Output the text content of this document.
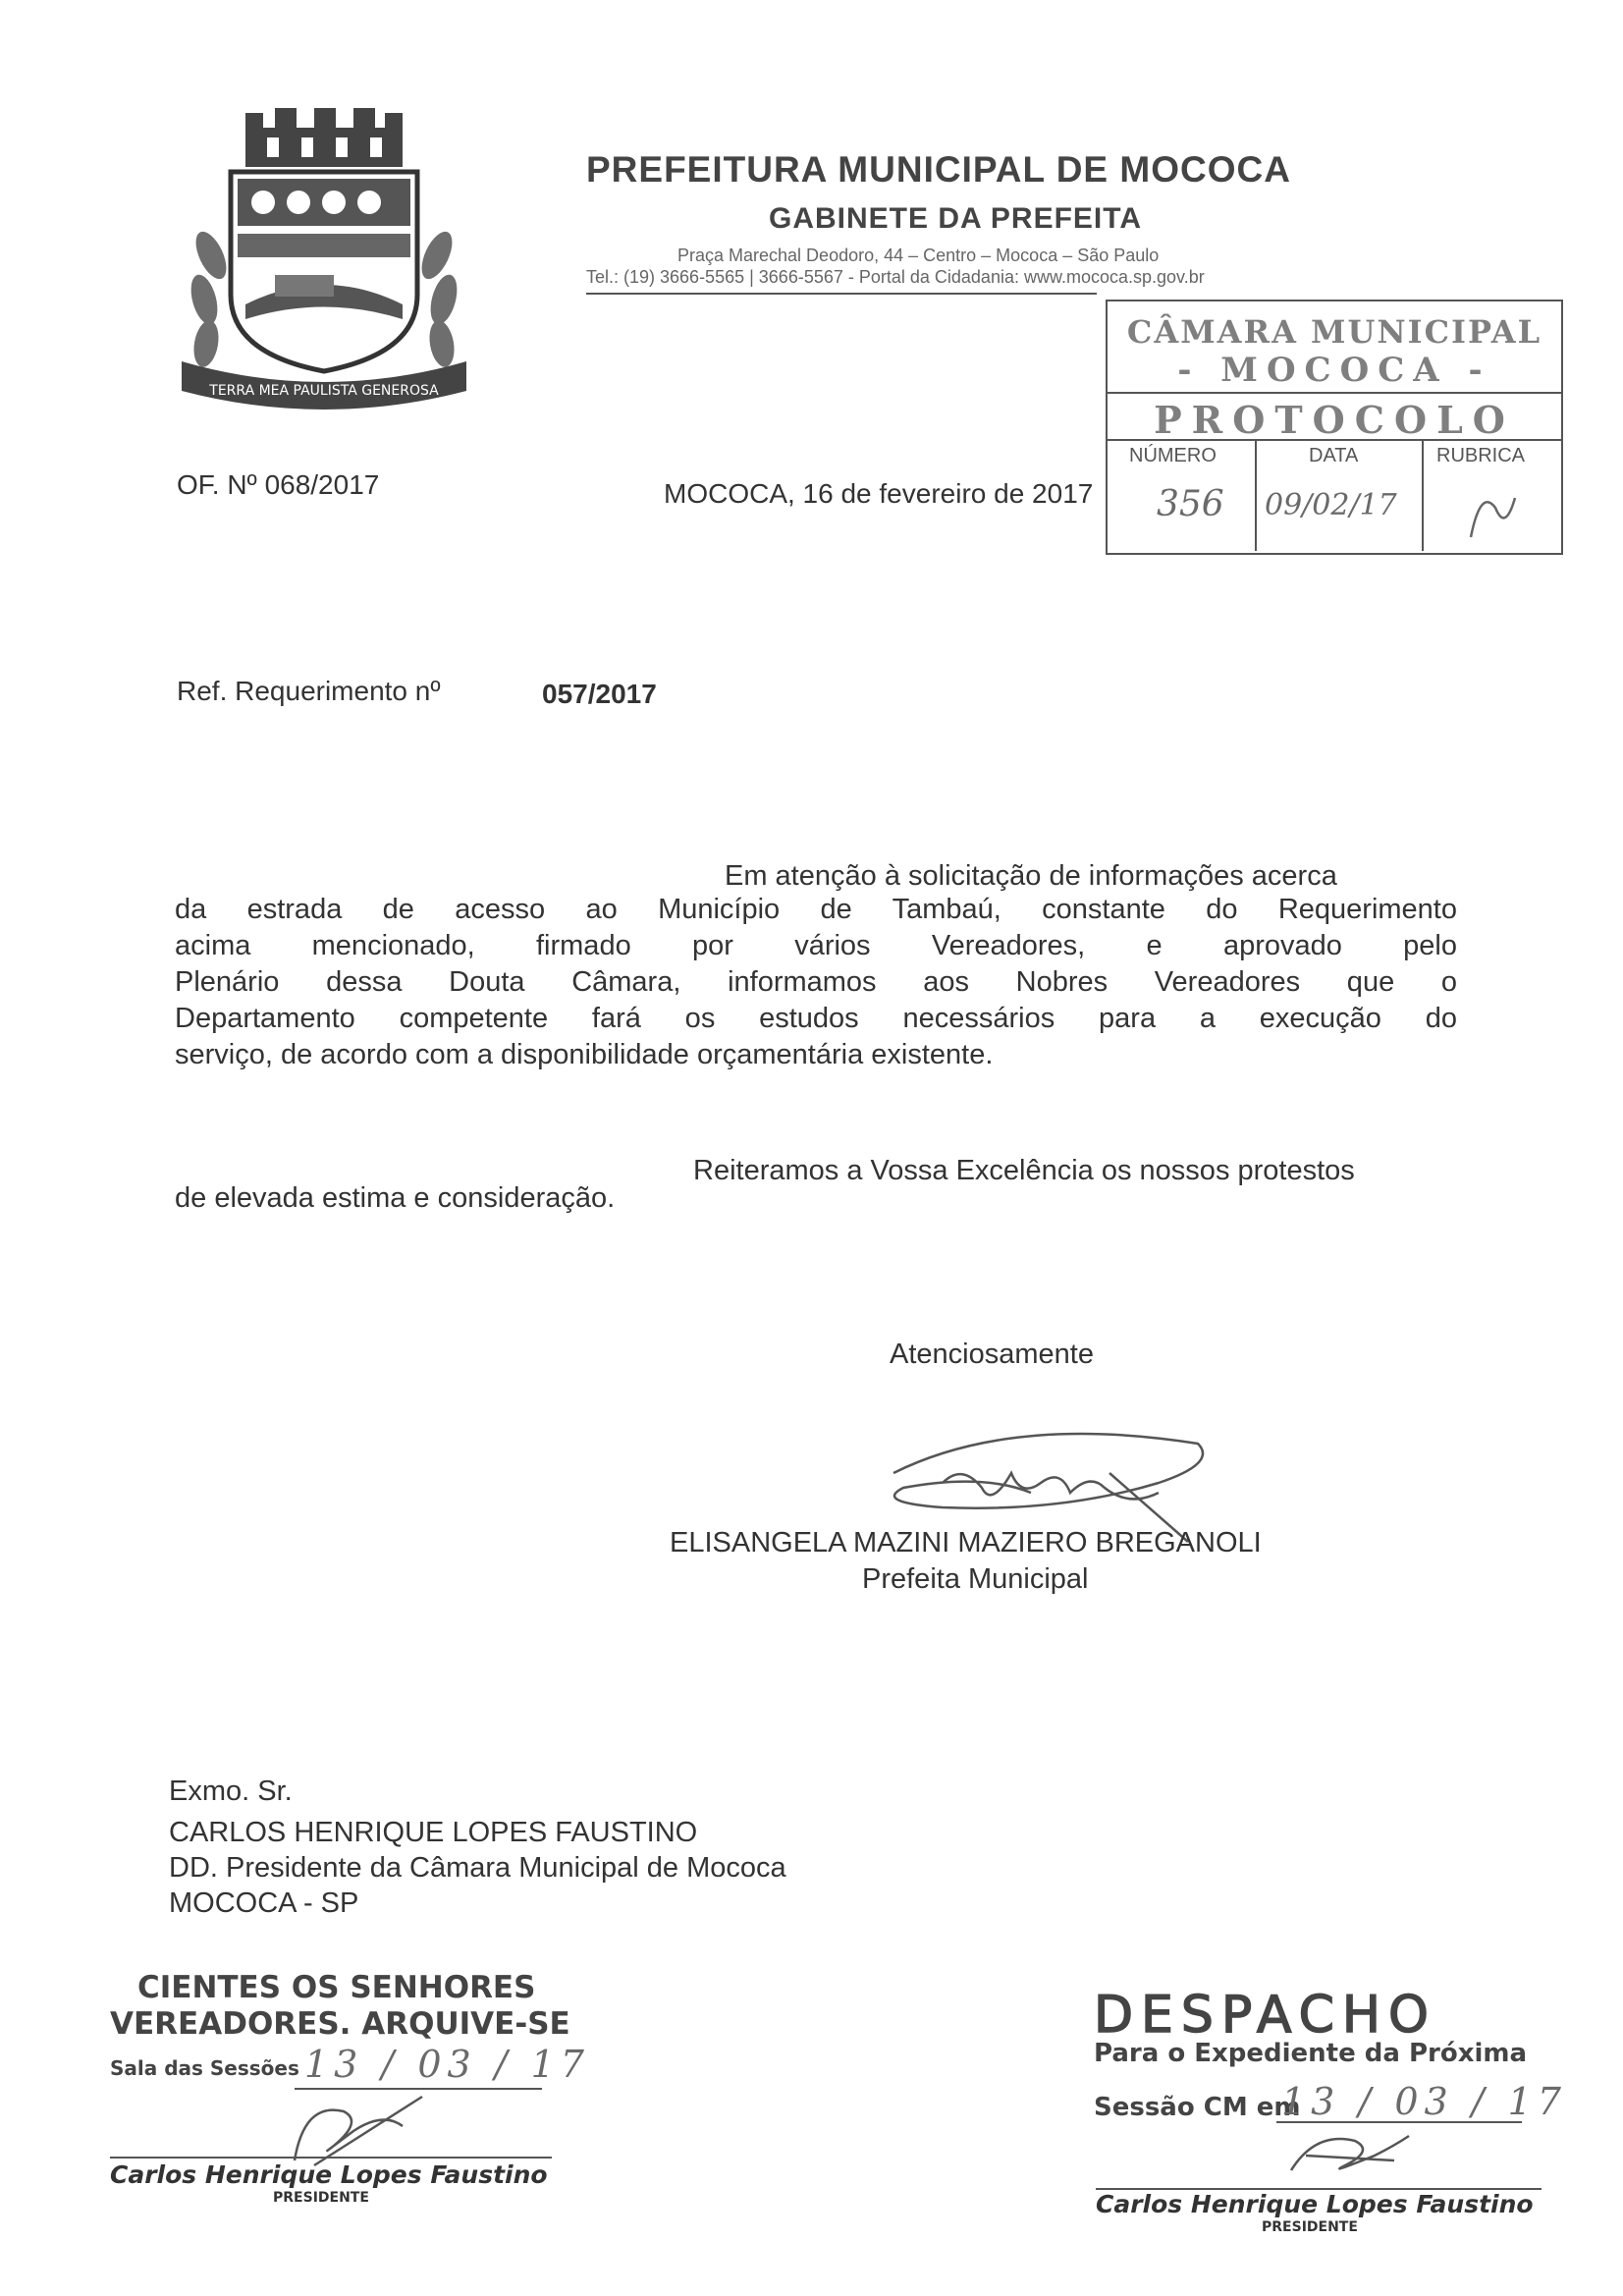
TERRA MEA PAULISTA GENEROSA
PREFEITURA MUNICIPAL DE MOCOCA
GABINETE DA PREFEITA
Praça Marechal Deodoro, 44 – Centro – Mococa – São Paulo
Tel.: (19) 3666-5565 | 3666-5567 - Portal da Cidadania: www.mococa.sp.gov.br
CÂMARA MUNICIPAL
- MOCOCA -
PROTOCOLO
NÚMERO	DATA	RUBRICA
356 09/02/17
OF. Nº 068/2017	MOCOCA, 16 de fevereiro de 2017
Ref. Requerimento nº	057/2017
Em atenção à solicitação de informações acerca
da estrada de acesso ao Município de Tambaú, constante do Requerimento
acima mencionado, firmado por vários Vereadores, e aprovado pelo
Plenário dessa Douta Câmara, informamos aos Nobres Vereadores que o
Departamento competente fará os estudos necessários para a execução do
serviço, de acordo com a disponibilidade orçamentária existente.
Reiteramos a Vossa Excelência os nossos protestos
de elevada estima e consideração.
Atenciosamente
ELISANGELA MAZINI MAZIERO BREGANOLI
Prefeita Municipal
Exmo. Sr.
CARLOS HENRIQUE LOPES FAUSTINO
DD. Presidente da Câmara Municipal de Mococa
MOCOCA - SP
CIENTES OS SENHORES
VEREADORES. ARQUIVE-SE
Sala das Sessões 13 / 03 / 17
Carlos Henrique Lopes Faustino
PRESIDENTE
DESPACHO
Para o Expediente da Próxima
Sessão CM em
13 / 03 / 17
Carlos Henrique Lopes Faustino
PRESIDENTE
